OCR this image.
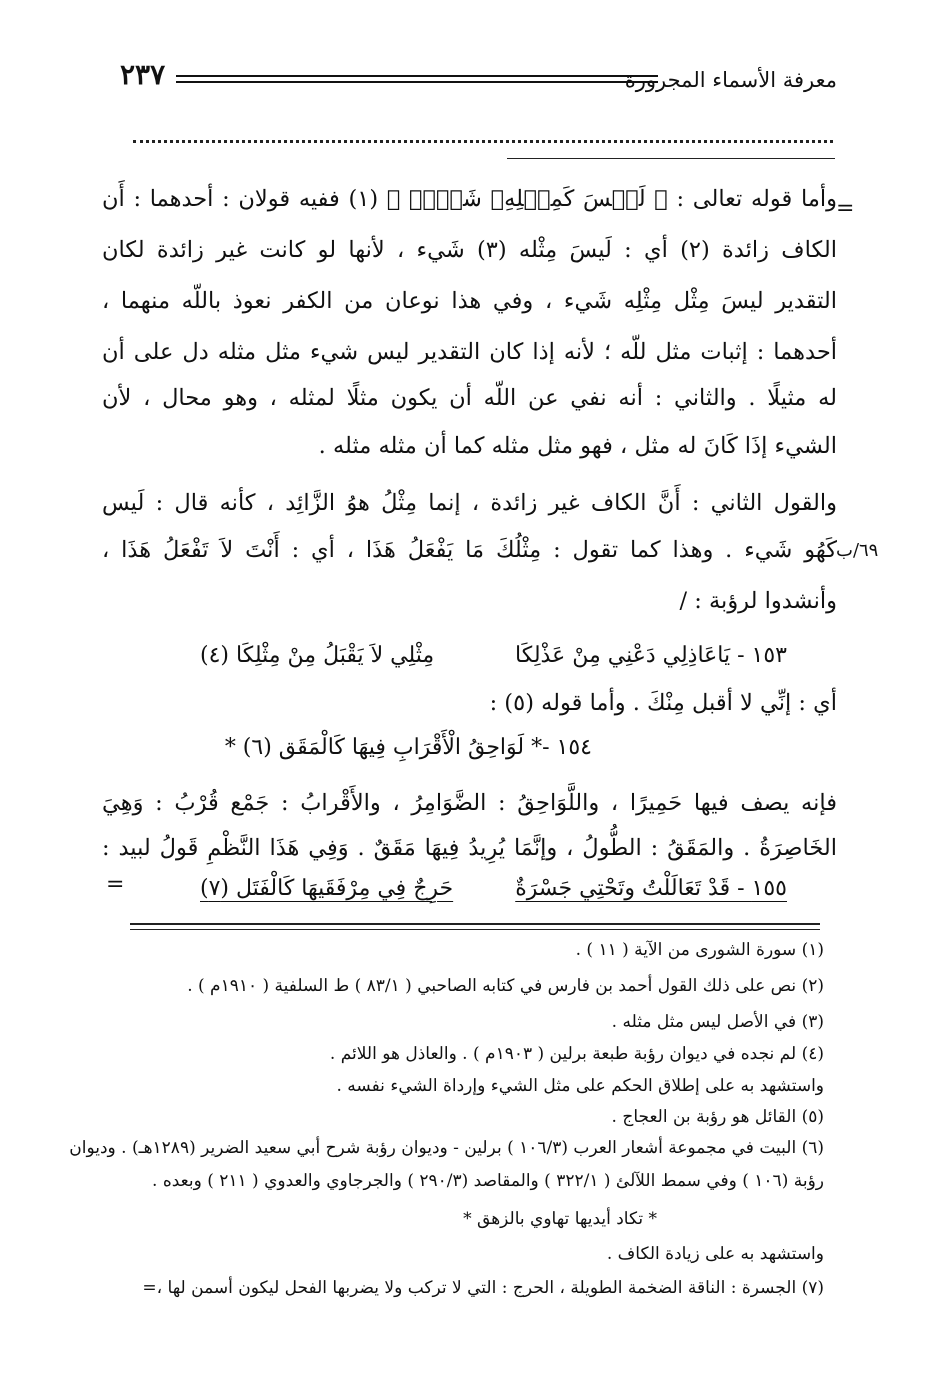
معرفة الأسماء المجرورة
٢٣٧
=
٦٩/ب
=
وأما قوله تعالى : ﴿ لَيۡسَ كَمِثۡلِهِۦ شَيۡءٞ ﴾ (١) ففيه قولان : أحدهما : أَن
الكاف زائدة (٢) أي : لَيسَ مِثْله (٣) شَيء ، لأنها لو كانت غير زائدة لكان
التقدير ليسَ مِثْل مِثْلِه شَيء ، وفي هذا نوعان من الكفر نعوذ باللّه منهما ،
أحدهما : إثبات مثل للّه ؛ لأنه إذا كان التقدير ليس شيء مثل مثله دل على أن
له مثيلًا . والثاني : أنه نفي عن اللّه أن يكون مثلًا لمثله ، وهو محال ، لأن
الشيء إذَا كَانَ له مثل ، فهو مثل مثله كما أن مثله مثله .
والقول الثاني : أَنَّ الكاف غير زائدة ، إنما مِثْلُ هوُ الزَّائِد ، كأنه قال : لَيس
كَهُو شَيء . وهذا كما تقول : مِثْلُكَ مَا يَفْعَلُ هَذَا ، أي : أَنْتَ لاَ تَفْعَلُ هَذَا ،
وأنشدوا لرؤبة : /
١٥٣ - يَاعَاذِلِي دَعْنِي مِنْ عَذْلِكَا
مِثْلِي لاَ يَقْبَلُ مِنْ مِثْلِكَا (٤)
أي : إنِّي لا أقبل مِنْكَ . وأما قوله (٥) :
١٥٤ -* لَوَاحِقُ الْأَقْرَابِ فِيهَا كَالْمَقَق (٦) *
فإنه يصف فيها حَمِيرًا ، واللَّوَاحِقُ : الضَّوَامِرُ ، والأَقْرابُ : جَمْع قُرْبُ : وَهِيَ
الخَاصِرَةُ . والمَقَقُ : الطُّولُ ، وإنَّمَا يُرِيدُ فِيهَا مَقَقٌ . وَفِي هَذَا النَّظْمِ قَولُ لبيد :
١٥٥ - قَدْ تَعَالَلْتُ وتَحْتِي جَسْرَةٌ
حَرِجٌ فِي مِرْفَقَيهَا كَالْفَتَل (٧)
(١) سورة الشورى من الآية ( ١١ ) .
(٢) نص على ذلك القول أحمد بن فارس في كتابه الصاحبي ( ٨٣/١ ) ط السلفية ( ١٩١٠م ) .
(٣) في الأصل ليس مثل مثله .
(٤) لم نجده في ديوان رؤبة طبعة برلين ( ١٩٠٣م ) . والعاذل هو اللائم .
واستشهد به على إطلاق الحكم على مثل الشيء وإرداة الشيء نفسه .
(٥) القائل هو رؤبة بن العجاج .
(٦) البيت في مجموعة أشعار العرب (١٠٦/٣ ) برلين - وديوان رؤبة شرح أبي سعيد الضرير (١٢٨٩هـ) . وديوان
رؤبة (١٠٦ ) وفي سمط اللآلئ ( ٣٢٢/١ ) والمقاصد (٢٩٠/٣ ) والجرجاوي والعدوي ( ٢١١ ) وبعده .
* تكاد أيديها تهاوي بالزهق *
واستشهد به على زيادة الكاف .
(٧) الجسرة : الناقة الضخمة الطويلة ، الحرج : التي لا تركب ولا يضربها الفحل ليكون أسمن لها ،=
